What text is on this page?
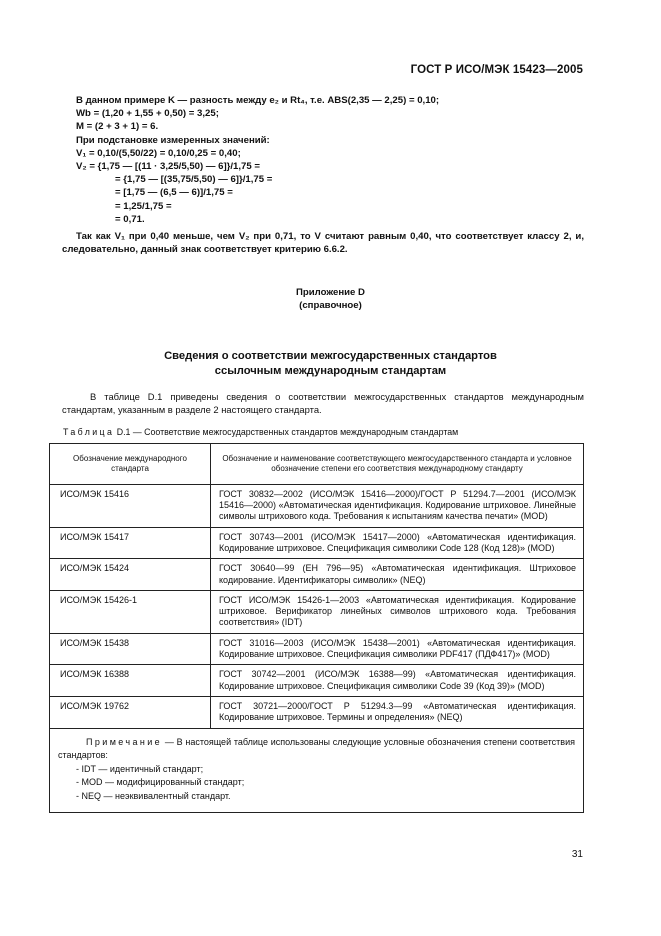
ГОСТ Р ИСО/МЭК 15423—2005
В данном примере K — разность между e₂ и Rt₄, т.е. ABS(2,35 — 2,25) = 0,10;
Wb = (1,20 + 1,55 + 0,50) = 3,25;
M = (2 + 3 + 1) = 6.
При подстановке измеренных значений:
V₁ = 0,10/(5,50/22) = 0,10/0,25 = 0,40;
V₂ = {1,75 — [(11 · 3,25/5,50) — 6]}/1,75 =
= {1,75 — [(35,75/5,50) — 6]}/1,75 =
= [1,75 — (6,5 — 6)]/1,75 =
= 1,25/1,75 =
= 0,71.
Так как V₁ при 0,40 меньше, чем V₂ при 0,71, то V считают равным 0,40, что соответствует классу 2, и, следовательно, данный знак соответствует критерию 6.6.2.
Приложение D
(справочное)
Сведения о соответствии межгосударственных стандартов
ссылочным международным стандартам
В таблице D.1 приведены сведения о соответствии межгосударственных стандартов международным стандартам, указанным в разделе 2 настоящего стандарта.
Таблица D.1 — Соответствие межгосударственных стандартов международным стандартам
Обозначение международного стандарта	Обозначение и наименование соответствующего межгосударственного стандарта и условное обозначение степени его соответствия международному стандарту
ИСО/МЭК 15416	ГОСТ 30832—2002 (ИСО/МЭК 15416—2000)/ГОСТ Р 51294.7—2001 (ИСО/МЭК 15416—2000) «Автоматическая идентификация. Кодирование штриховое. Линейные символы штрихового кода. Требования к испытаниям качества печати» (MOD)
ИСО/МЭК 15417	ГОСТ 30743—2001 (ИСО/МЭК 15417—2000) «Автоматическая идентификация. Кодирование штриховое. Спецификация символики Code 128 (Код 128)» (MOD)
ИСО/МЭК 15424	ГОСТ 30640—99 (ЕН 796—95) «Автоматическая идентификация. Штриховое кодирование. Идентификаторы символик» (NEQ)
ИСО/МЭК 15426-1	ГОСТ ИСО/МЭК 15426-1—2003 «Автоматическая идентификация. Кодирование штриховое. Верификатор линейных символов штрихового кода. Требования соответствия» (IDT)
ИСО/МЭК 15438	ГОСТ 31016—2003 (ИСО/МЭК 15438—2001) «Автоматическая идентификация. Кодирование штриховое. Спецификация символики PDF417 (ПДФ417)» (MOD)
ИСО/МЭК 16388	ГОСТ 30742—2001 (ИСО/МЭК 16388—99) «Автоматическая идентификация. Кодирование штриховое. Спецификация символики Code 39 (Код 39)» (MOD)
ИСО/МЭК 19762	ГОСТ 30721—2000/ГОСТ Р 51294.3—99 «Автоматическая идентификация. Кодирование штриховое. Термины и определения» (NEQ)

Примечание — В настоящей таблице использованы следующие условные обозначения степени соответствия стандартов:
- IDT — идентичный стандарт;
- MOD — модифицированный стандарт;
- NEQ — неэквивалентный стандарт.	
31
